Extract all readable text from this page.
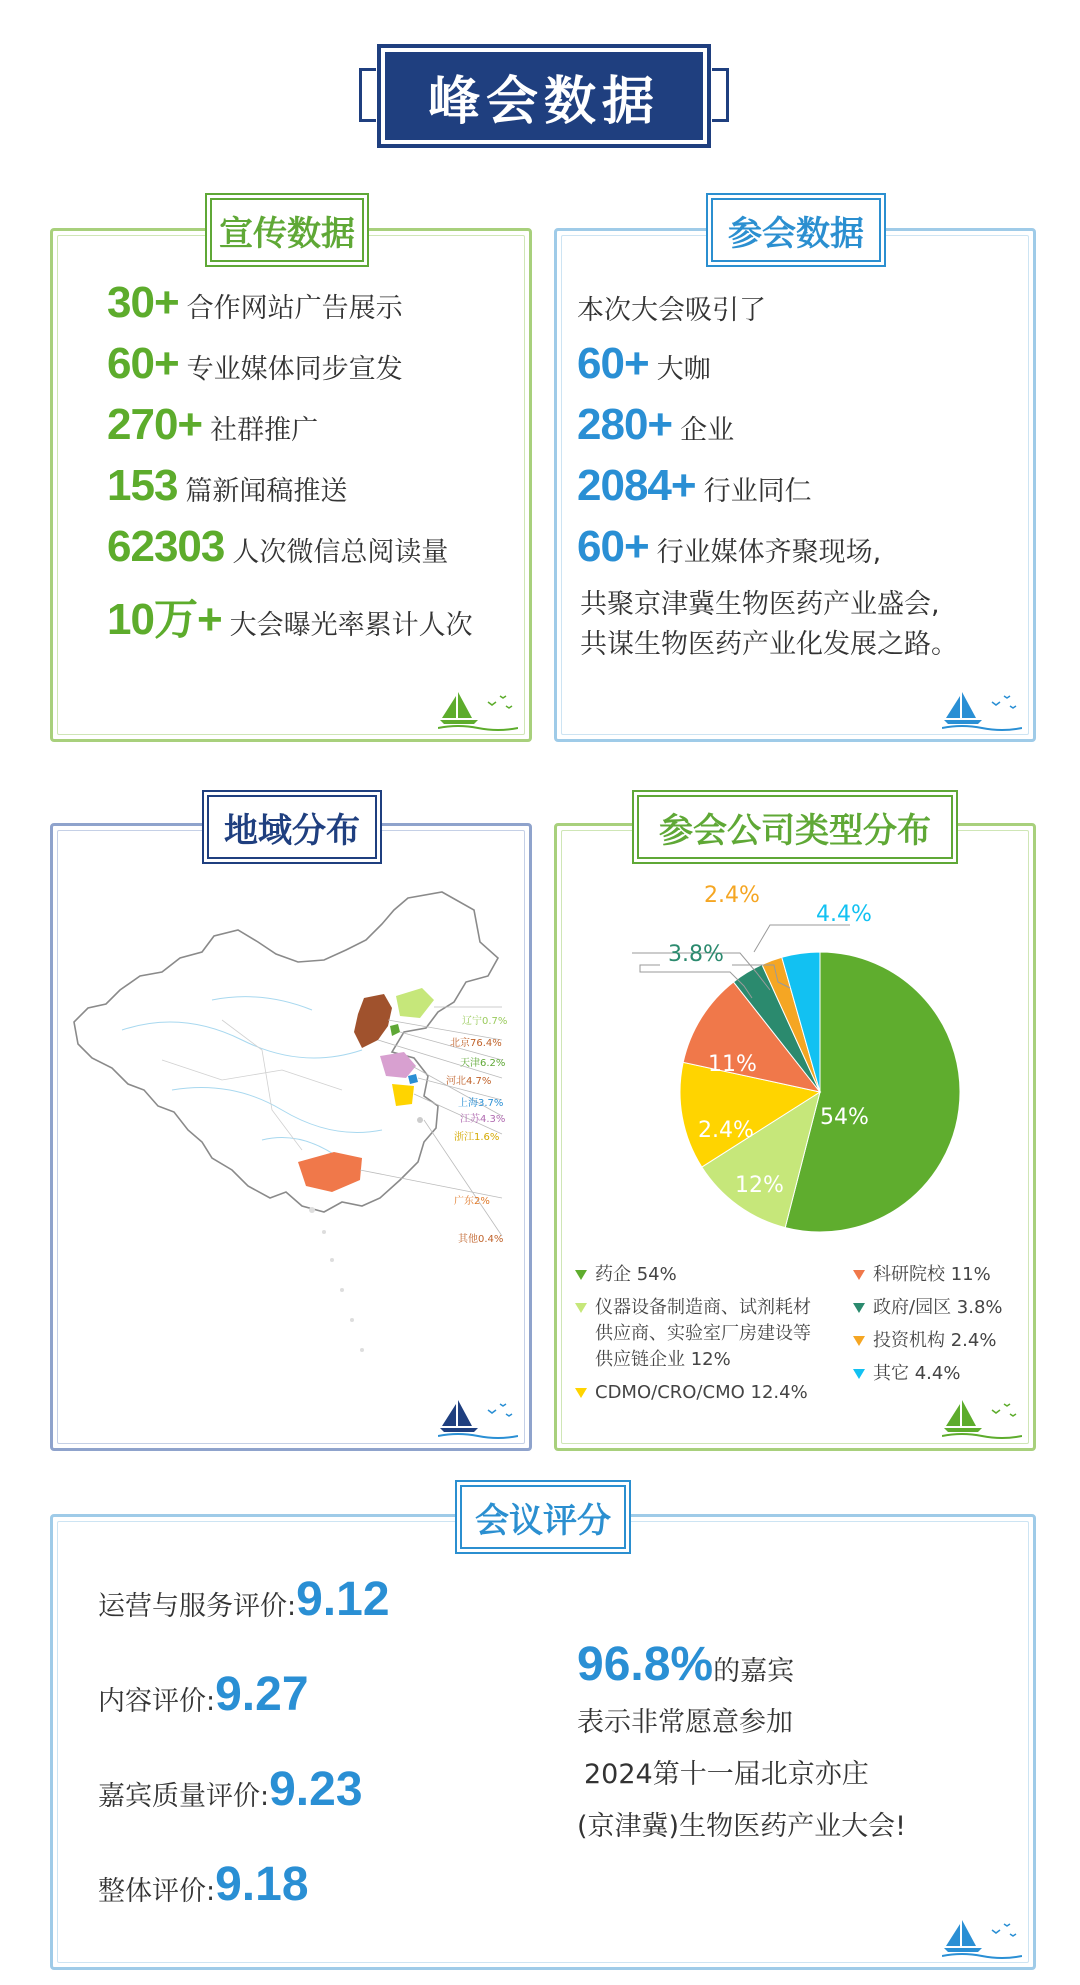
峰会数据
宣传数据
30+ 合作网站广告展示
60+ 专业媒体同步宣发
270+ 社群推广
153 篇新闻稿推送
62303 人次微信总阅读量
10万+ 大会曝光率累计人次
参会数据
本次大会吸引了
60+ 大咖
280+ 企业
2084+ 行业同仁
60+ 行业媒体齐聚现场,
共聚京津冀生物医药产业盛会,
共谋生物医药产业化发展之路。
地域分布
辽宁0.7%
北京76.4%
天津6.2%
河北4.7%
上海3.7%
江苏4.3%
浙江1.6%
广东2%
其他0.4%
参会公司类型分布
54%
12%
2.4%
11%
3.8%
2.4%
4.4%
药企 54%	科研院校 11%
仪器设备制造商、试剂耗材	政府/园区 3.8%
供应商、实验室厂房建设等	投资机构 2.4%
供应链企业 12%
其它 4.4%
CDMO/CRO/CMO 12.4%
会议评分
运营与服务评价: 9.12
内容评价: 9.27
嘉宾质量评价: 9.23
整体评价: 9.18
96.8% 的嘉宾
表示非常愿意参加
2024第十一届北京亦庄
(京津冀)生物医药产业大会!
